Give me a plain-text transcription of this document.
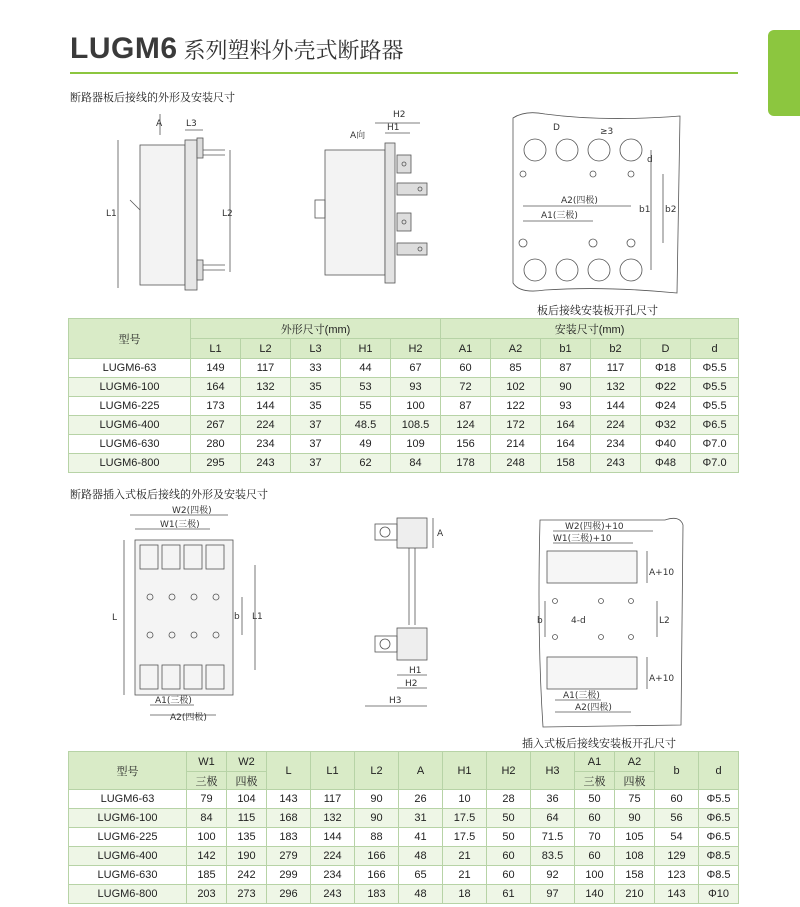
LUGM6 系列塑料外壳式断路器
断路器板后接线的外形及安装尺寸
A	L3
L1	L2
A向
H1
H2
D	≥3
d
A2(四极)
A1(三极)
b1 b2
板后接线安装板开孔尺寸
型号	外形尺寸(mm)					安装尺寸(mm)					
	L1	L2	L3	H1	H2	A1	A2	b1	b2	D	d
LUGM6-63	149	117	33	44	67	60	85	87	117	Φ18	Φ5.5
LUGM6-100	164	132	35	53	93	72	102	90	132	Φ22	Φ5.5
LUGM6-225	173	144	35	55	100	87	122	93	144	Φ24	Φ5.5
LUGM6-400	267	224	37	48.5	108.5	124	172	164	224	Φ32	Φ6.5
LUGM6-630	280	234	37	49	109	156	214	164	234	Φ40	Φ7.0
LUGM6-800	295	243	37	62	84	178	248	158	243	Φ48	Φ7.0
断路器插入式板后接线的外形及安装尺寸
W2(四极)
W1(三极)
L	b L1
A1(三极)
A2(四极)
A
H1
H2
H3
W2(四极)+10
W1(三极)+10
A+10
b	4-d	L2
A+10
A1(三极)
A2(四极)
插入式板后接线安装板开孔尺寸
型号	W1	W2	L	L1	L2	A	H1	H2	H3	A1	A2	b	d
	三极	四极								三极	四极		
LUGM6-63	79	104	143	117	90	26	10	28	36	50	75	60	Φ5.5
LUGM6-100	84	115	168	132	90	31	17.5	50	64	60	90	56	Φ6.5
LUGM6-225	100	135	183	144	88	41	17.5	50	71.5	70	105	54	Φ6.5
LUGM6-400	142	190	279	224	166	48	21	60	83.5	60	108	129	Φ8.5
LUGM6-630	185	242	299	234	166	65	21	60	92	100	158	123	Φ8.5
LUGM6-800	203	273	296	243	183	48	18	61	97	140	210	143	Φ10
